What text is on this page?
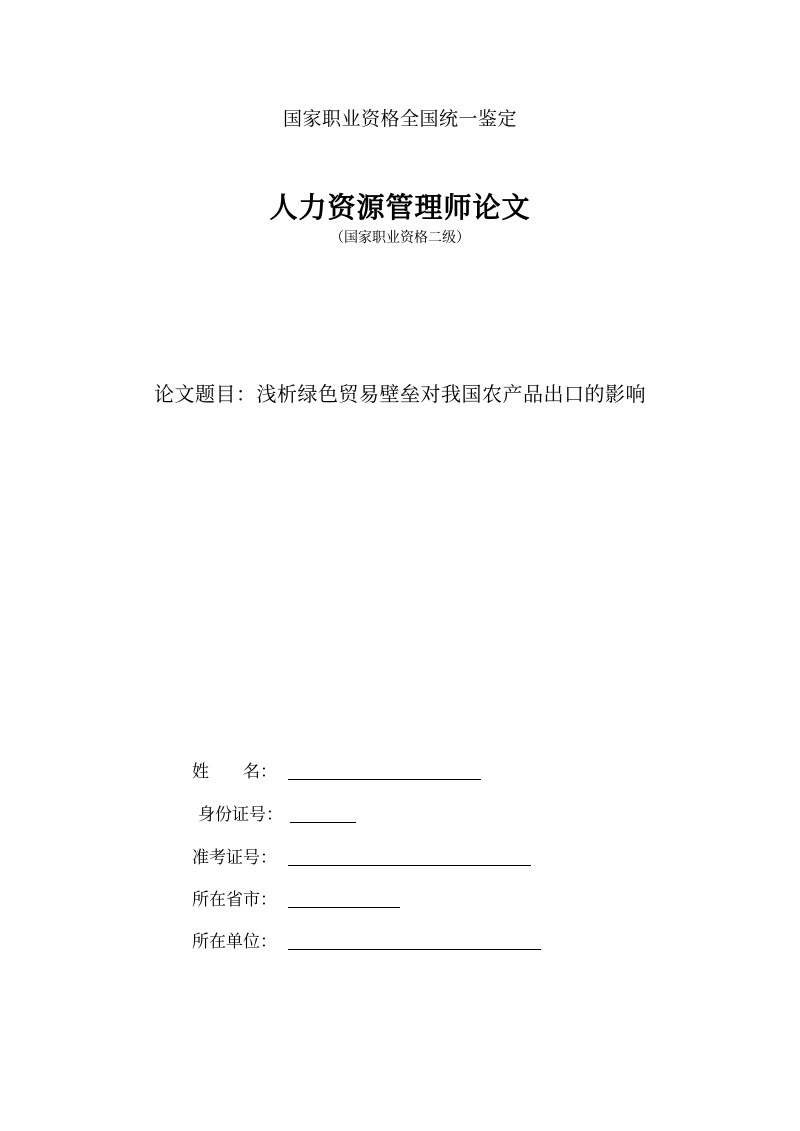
国家职业资格全国统一鉴定
人力资源管理师论文
（国家职业资格二级）
论文题目：浅析绿色贸易壁垒对我国农产品出口的影响
姓　　名：
身份证号：
准考证号：
所在省市：
所在单位：
